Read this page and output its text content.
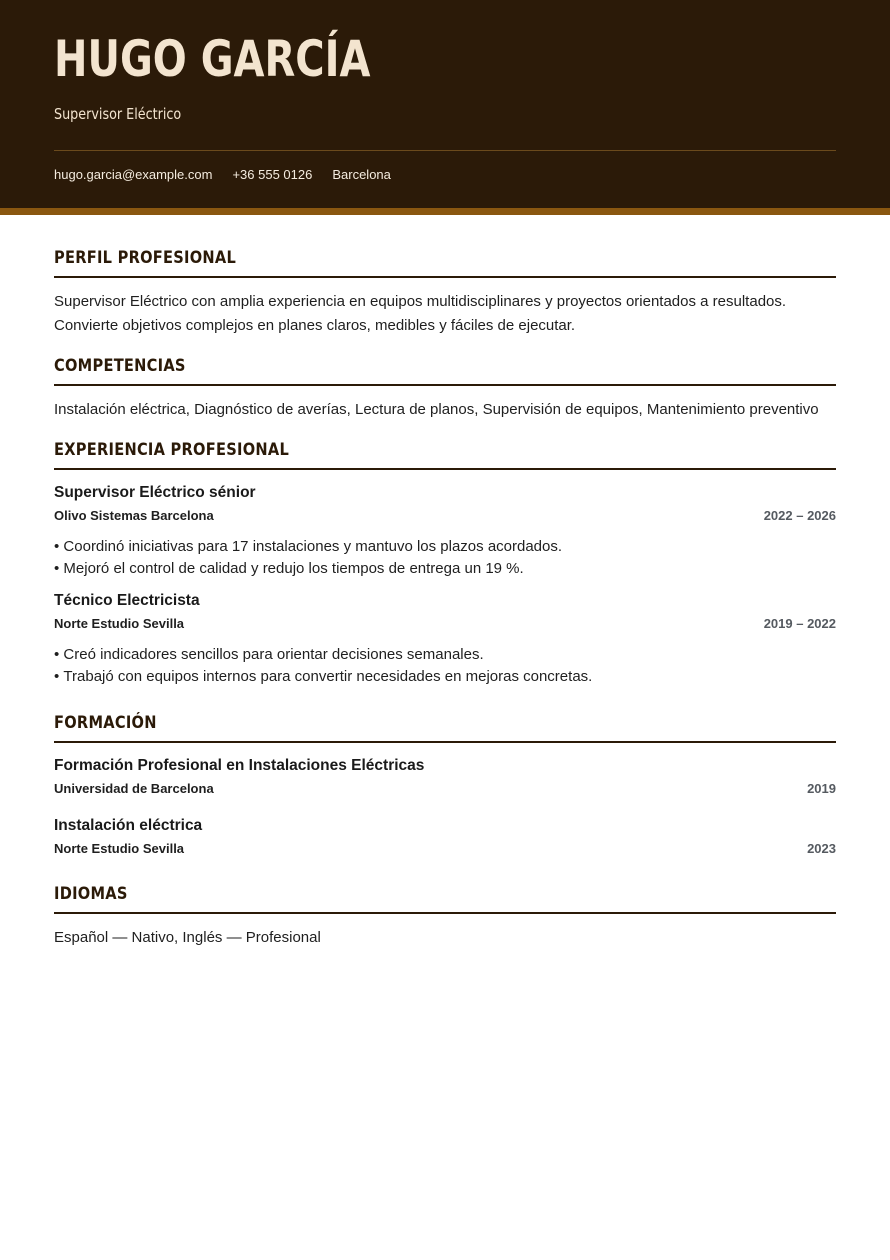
HUGO GARCÍA
Supervisor Eléctrico
hugo.garcia@example.com +36 555 0126 Barcelona
PERFIL PROFESIONAL
Supervisor Eléctrico con amplia experiencia en equipos multidisciplinares y proyectos orientados a resultados.
Convierte objetivos complejos en planes claros, medibles y fáciles de ejecutar.
COMPETENCIAS
Instalación eléctrica, Diagnóstico de averías, Lectura de planos, Supervisión de equipos, Mantenimiento preventivo
EXPERIENCIA PROFESIONAL
Supervisor Eléctrico sénior
Olivo Sistemas Barcelona	2022 – 2026
• Coordinó iniciativas para 17 instalaciones y mantuvo los plazos acordados.
• Mejoró el control de calidad y redujo los tiempos de entrega un 19 %.
Técnico Electricista
Norte Estudio Sevilla	2019 – 2022
• Creó indicadores sencillos para orientar decisiones semanales.
• Trabajó con equipos internos para convertir necesidades en mejoras concretas.
FORMACIÓN
Formación Profesional en Instalaciones Eléctricas
Universidad de Barcelona	2019
Instalación eléctrica
Norte Estudio Sevilla	2023
IDIOMAS
Español — Nativo, Inglés — Profesional
